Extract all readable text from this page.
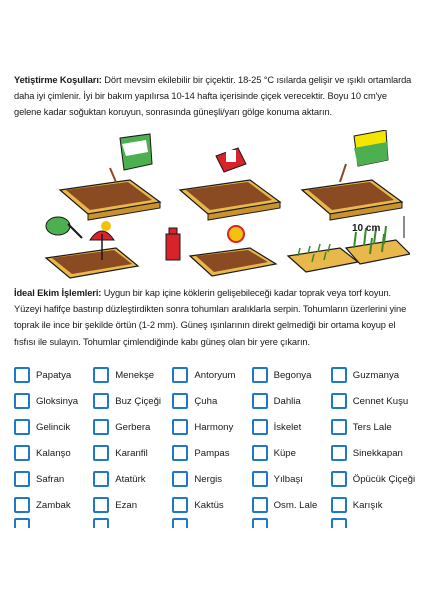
Yetiştirme Koşulları: Dört mevsim ekilebilir bir çiçektir. 18-25 °C ısılarda gelişir ve ışıklı ortamlarda daha iyi çimlenir. İyi bir bakım yapılırsa 10-14 hafta içerisinde çiçek verecektir. Boyu 10 cm'ye gelene kadar soğuktan koruyun, sonrasında güneşli/yarı gölge konuma aktarın.

10 cm

İdeal Ekim İşlemleri: Uygun bir kap içine köklerin gelişebileceği kadar toprak veya torf koyun. Yüzeyi hafifçe bastırıp düzleştirdikten sonra tohumları aralıklarla serpin. Tohumların üzerlerini yine toprak ile ince bir şekilde örtün (1-2 mm). Güneş ışınlarının direkt gelmediği bir ortama koyup el fısfısı ile sulayın. Tohumlar çimlendiğinde kabı güneş olan bir yere çıkarın.

Papatya	Menekşe	Antoryum	Begonya	Guzmanya
Gloksinya	Buz Çiçeği	Çuha	Dahlia	Cennet Kuşu
Gelincik	Gerbera	Harmony	İskelet	Ters Lale
Kalanşo	Karanfil	Pampas	Küpe	Sinekkapan
Safran	Atatürk	Nergis	Yılbaşı	Öpücük Çiçeği
Zambak	Ezan	Kaktüs	Osm. Lale	Karışık
